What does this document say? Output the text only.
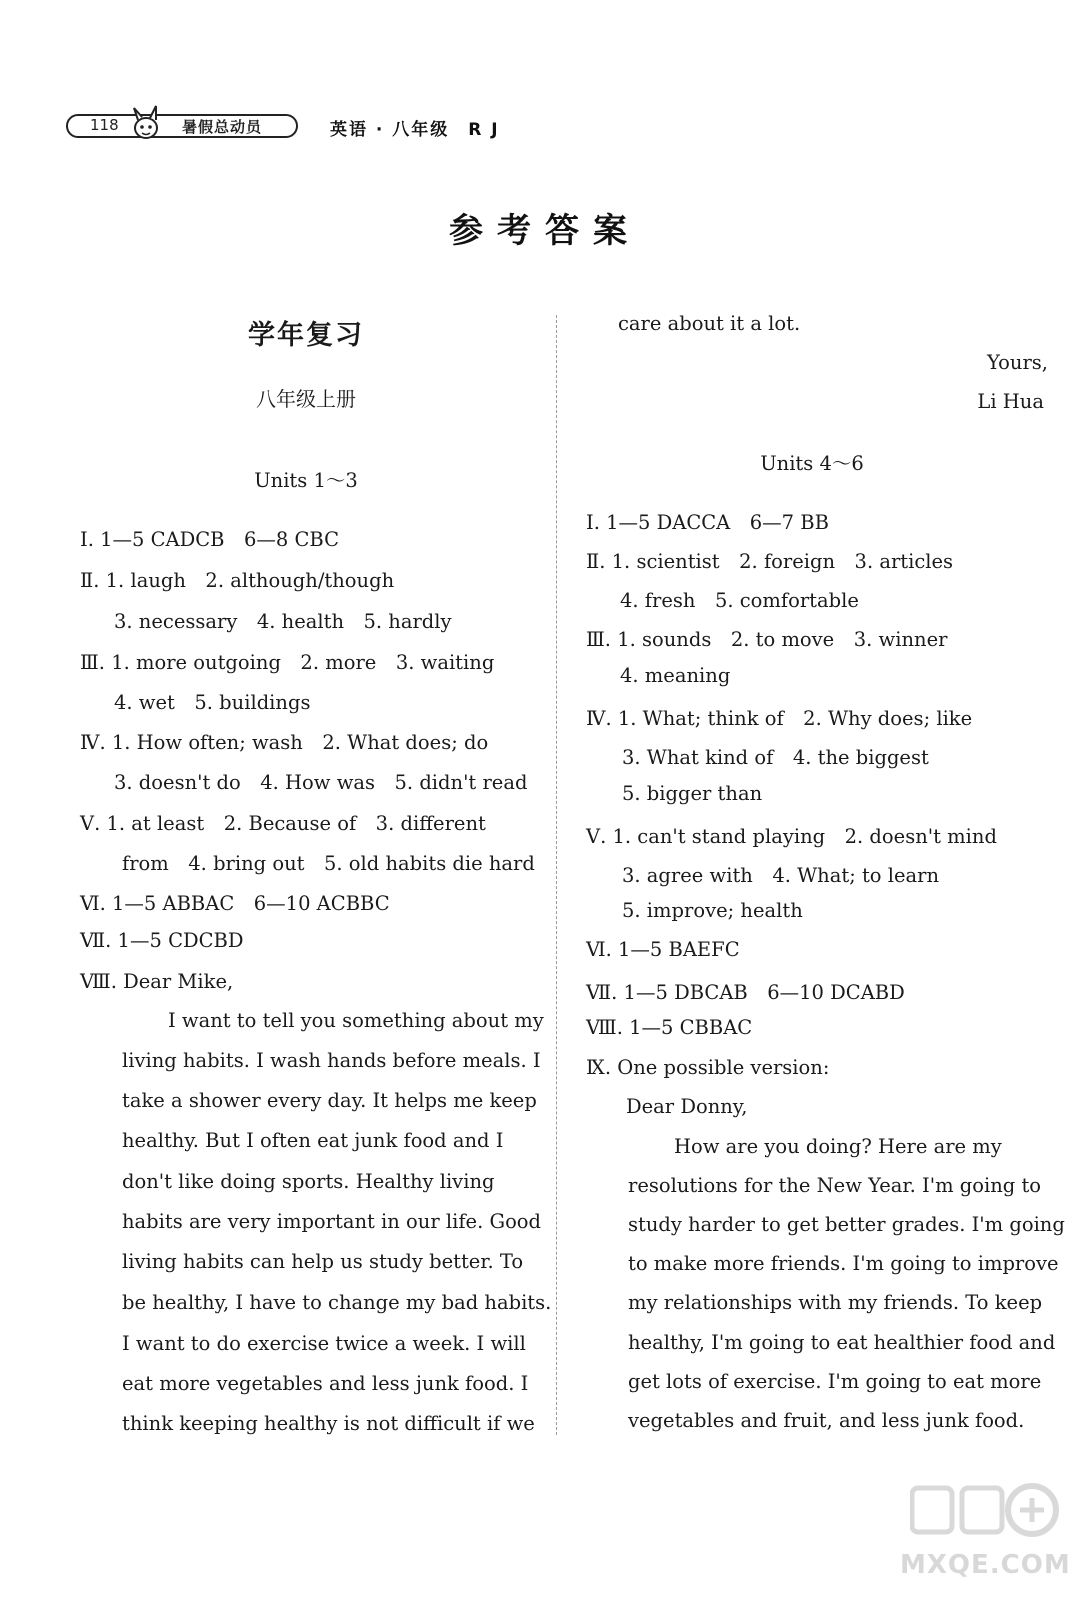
118	暑假总动员	英语 · 八年级　R J
参考答案
学年复习
八年级上册
Units 1～3
Ⅰ. 1—5 CADCB　6—8 CBC
Ⅱ. 1. laugh　2. although/though
3. necessary　4. health　5. hardly
Ⅲ. 1. more outgoing　2. more　3. waiting
4. wet　5. buildings
Ⅳ. 1. How often; wash　2. What does; do
3. doesn't do　4. How was　5. didn't read
Ⅴ. 1. at least　2. Because of　3. different
from　4. bring out　5. old habits die hard
Ⅵ. 1—5 ABBAC　6—10 ACBBC
Ⅶ. 1—5 CDCBD
Ⅷ. Dear Mike,
I want to tell you something about my
living habits. I wash hands before meals. I
take a shower every day. It helps me keep
healthy. But I often eat junk food and I
don't like doing sports. Healthy living
habits are very important in our life. Good
living habits can help us study better. To
be healthy, I have to change my bad habits.
I want to do exercise twice a week. I will
eat more vegetables and less junk food. I
think keeping healthy is not difficult if we
care about it a lot.
Yours,
Li Hua
Units 4～6
Ⅰ. 1—5 DACCA　6—7 BB
Ⅱ. 1. scientist　2. foreign　3. articles
4. fresh　5. comfortable
Ⅲ. 1. sounds　2. to move　3. winner
4. meaning
Ⅳ. 1. What; think of　2. Why does; like
3. What kind of　4. the biggest
5. bigger than
Ⅴ. 1. can't stand playing　2. doesn't mind
3. agree with　4. What; to learn
5. improve; health
Ⅵ. 1—5 BAEFC
Ⅶ. 1—5 DBCAB　6—10 DCABD
Ⅷ. 1—5 CBBAC
Ⅸ. One possible version:
Dear Donny,
How are you doing? Here are my
resolutions for the New Year. I'm going to
study harder to get better grades. I'm going
to make more friends. I'm going to improve
my relationships with my friends. To keep
healthy, I'm going to eat healthier food and
get lots of exercise. I'm going to eat more
vegetables and fruit, and less junk food.
MXQE.COM
